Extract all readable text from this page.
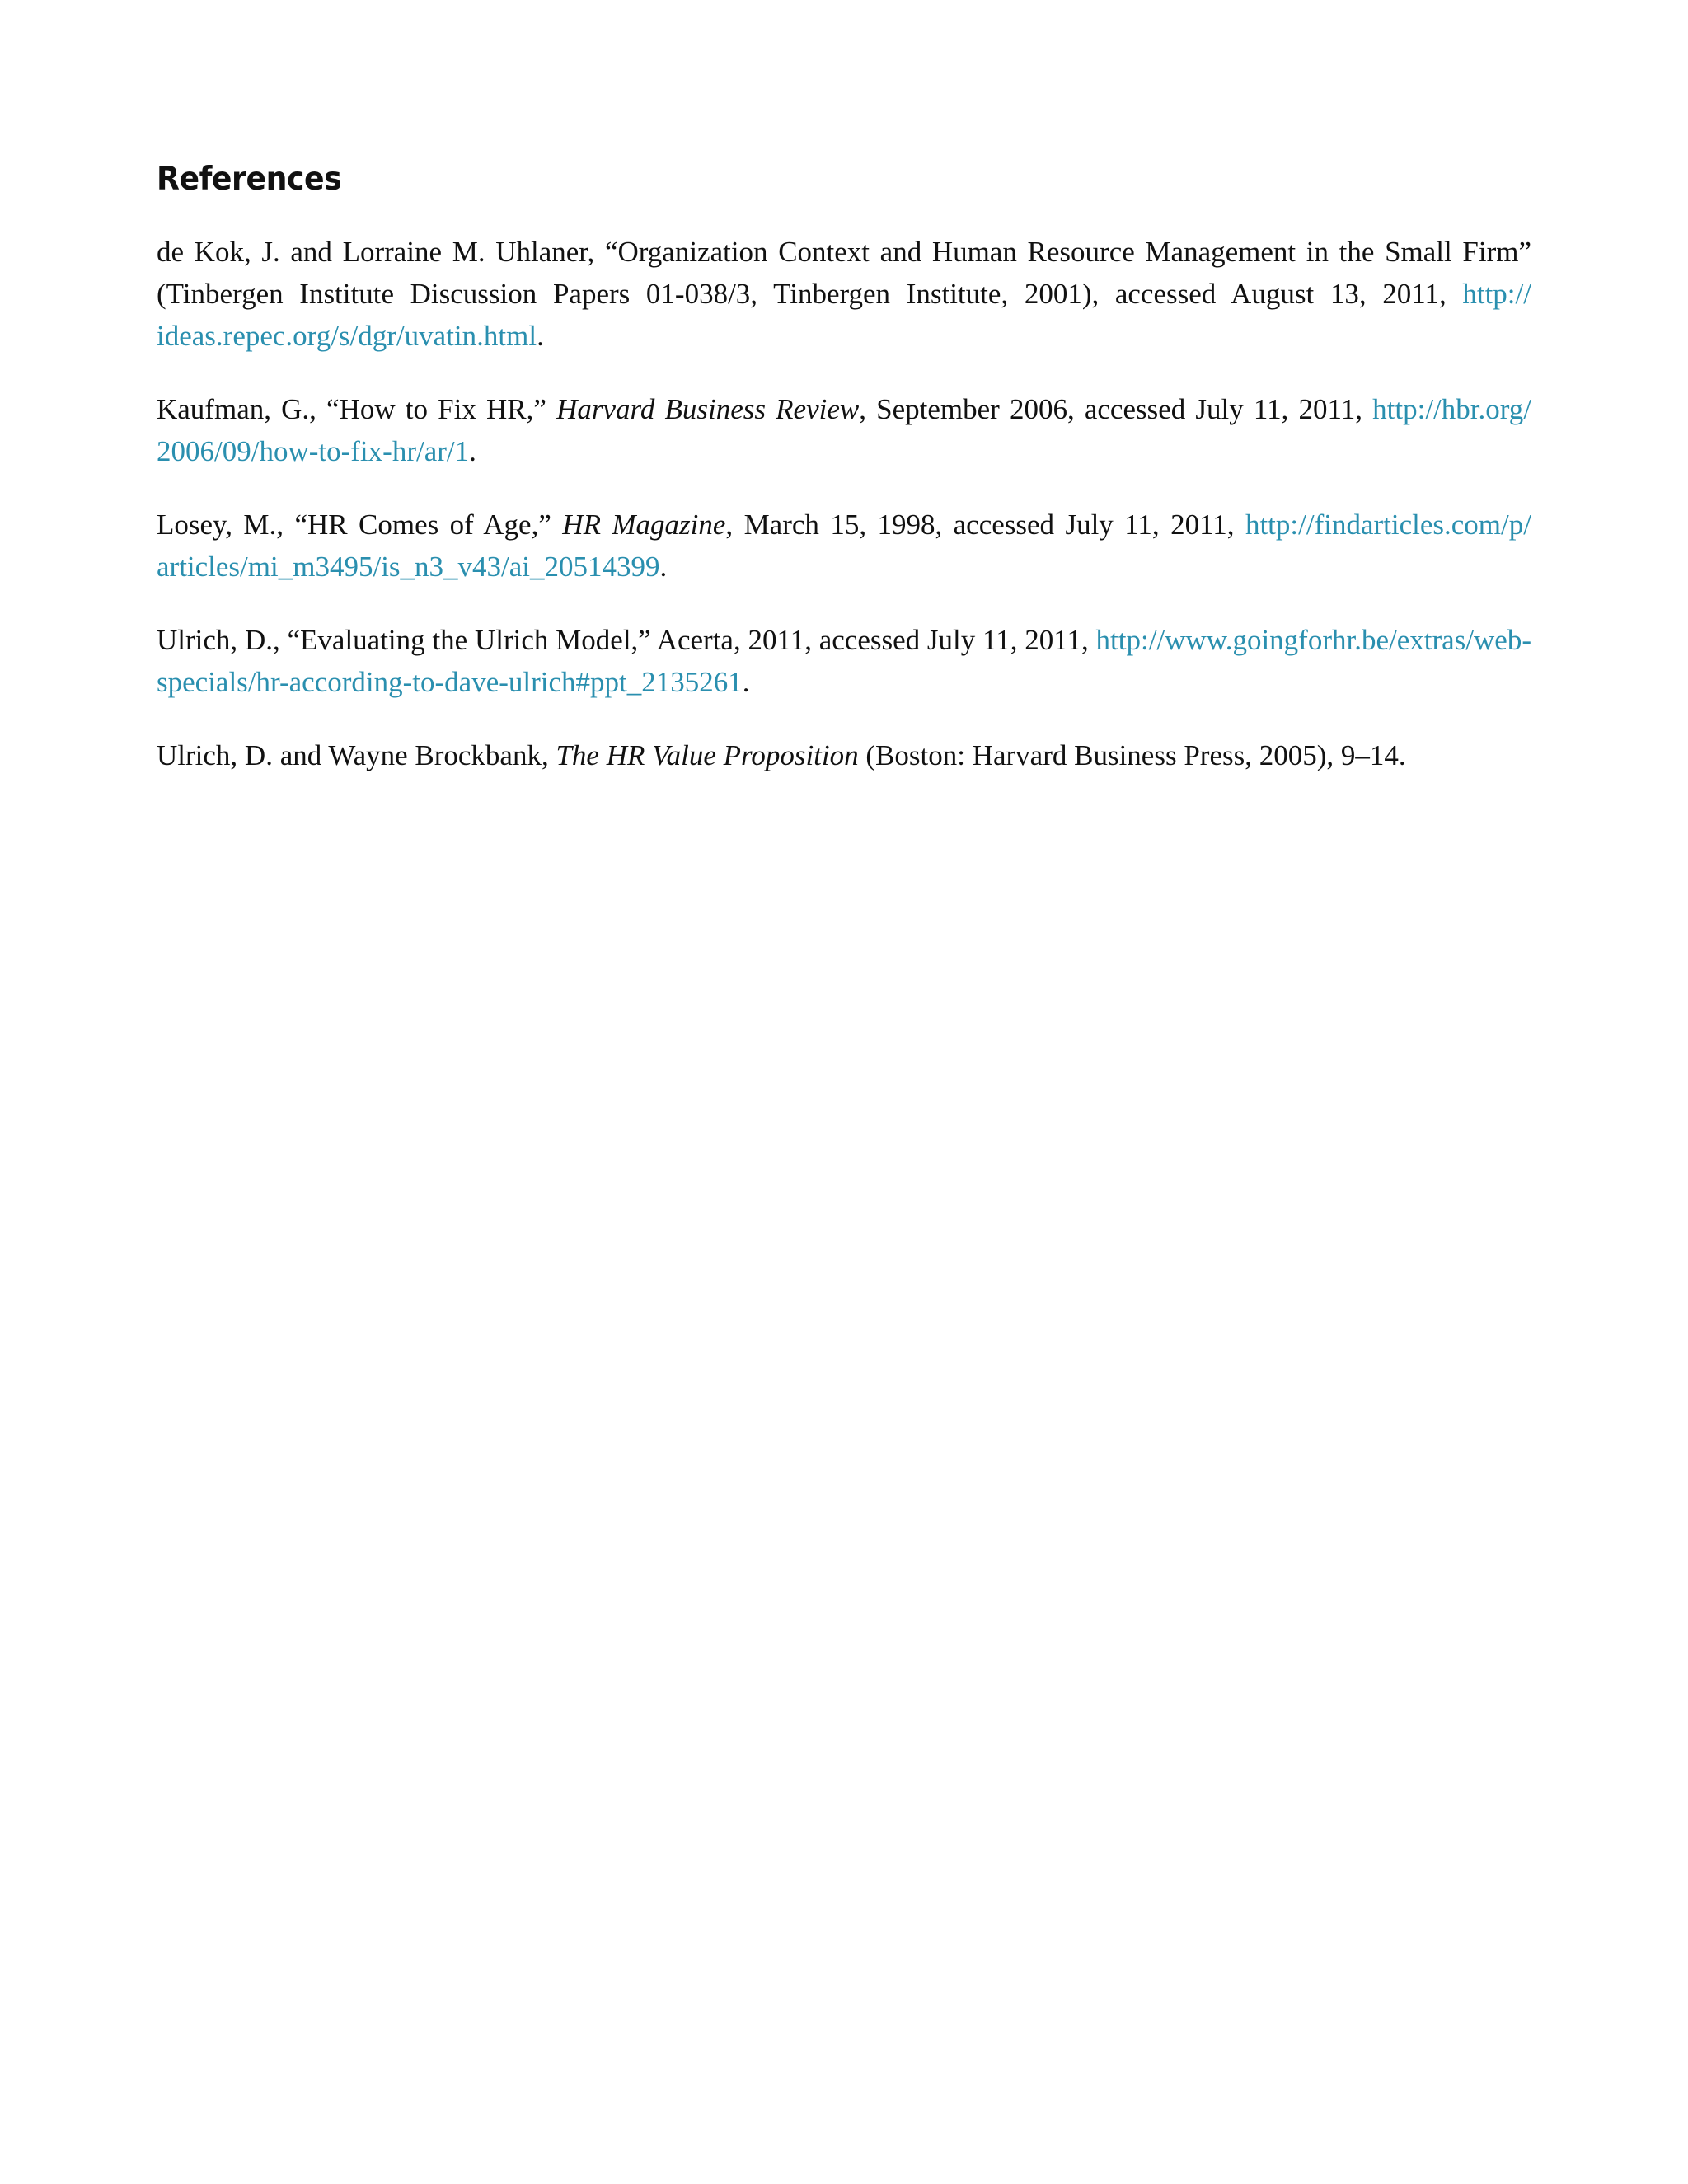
References

de Kok, J. and Lorraine M. Uhlaner, “Organization Context and Human Resource Management in the Small Firm” (Tinbergen Institute Discussion Papers 01-038/3, Tinbergen Institute, 2001), accessed August 13, 2011, http://ideas.repec.org/s/dgr/uvatin.html.

Kaufman, G., “How to Fix HR,” Harvard Business Review, September 2006, accessed July 11, 2011, http://hbr.org/2006/09/how-to-fix-hr/ar/1.

Losey, M., “HR Comes of Age,” HR Magazine, March 15, 1998, accessed July 11, 2011, http://findarticles.com/p/articles/mi_m3495/is_n3_v43/ai_20514399.

Ulrich, D., “Evaluating the Ulrich Model,” Acerta, 2011, accessed July 11, 2011, http://www.goingforhr.be/extras/web-specials/hr-according-to-dave-ulrich#ppt_2135261.

Ulrich, D. and Wayne Brockbank, The HR Value Proposition (Boston: Harvard Business Press, 2005), 9–14.
